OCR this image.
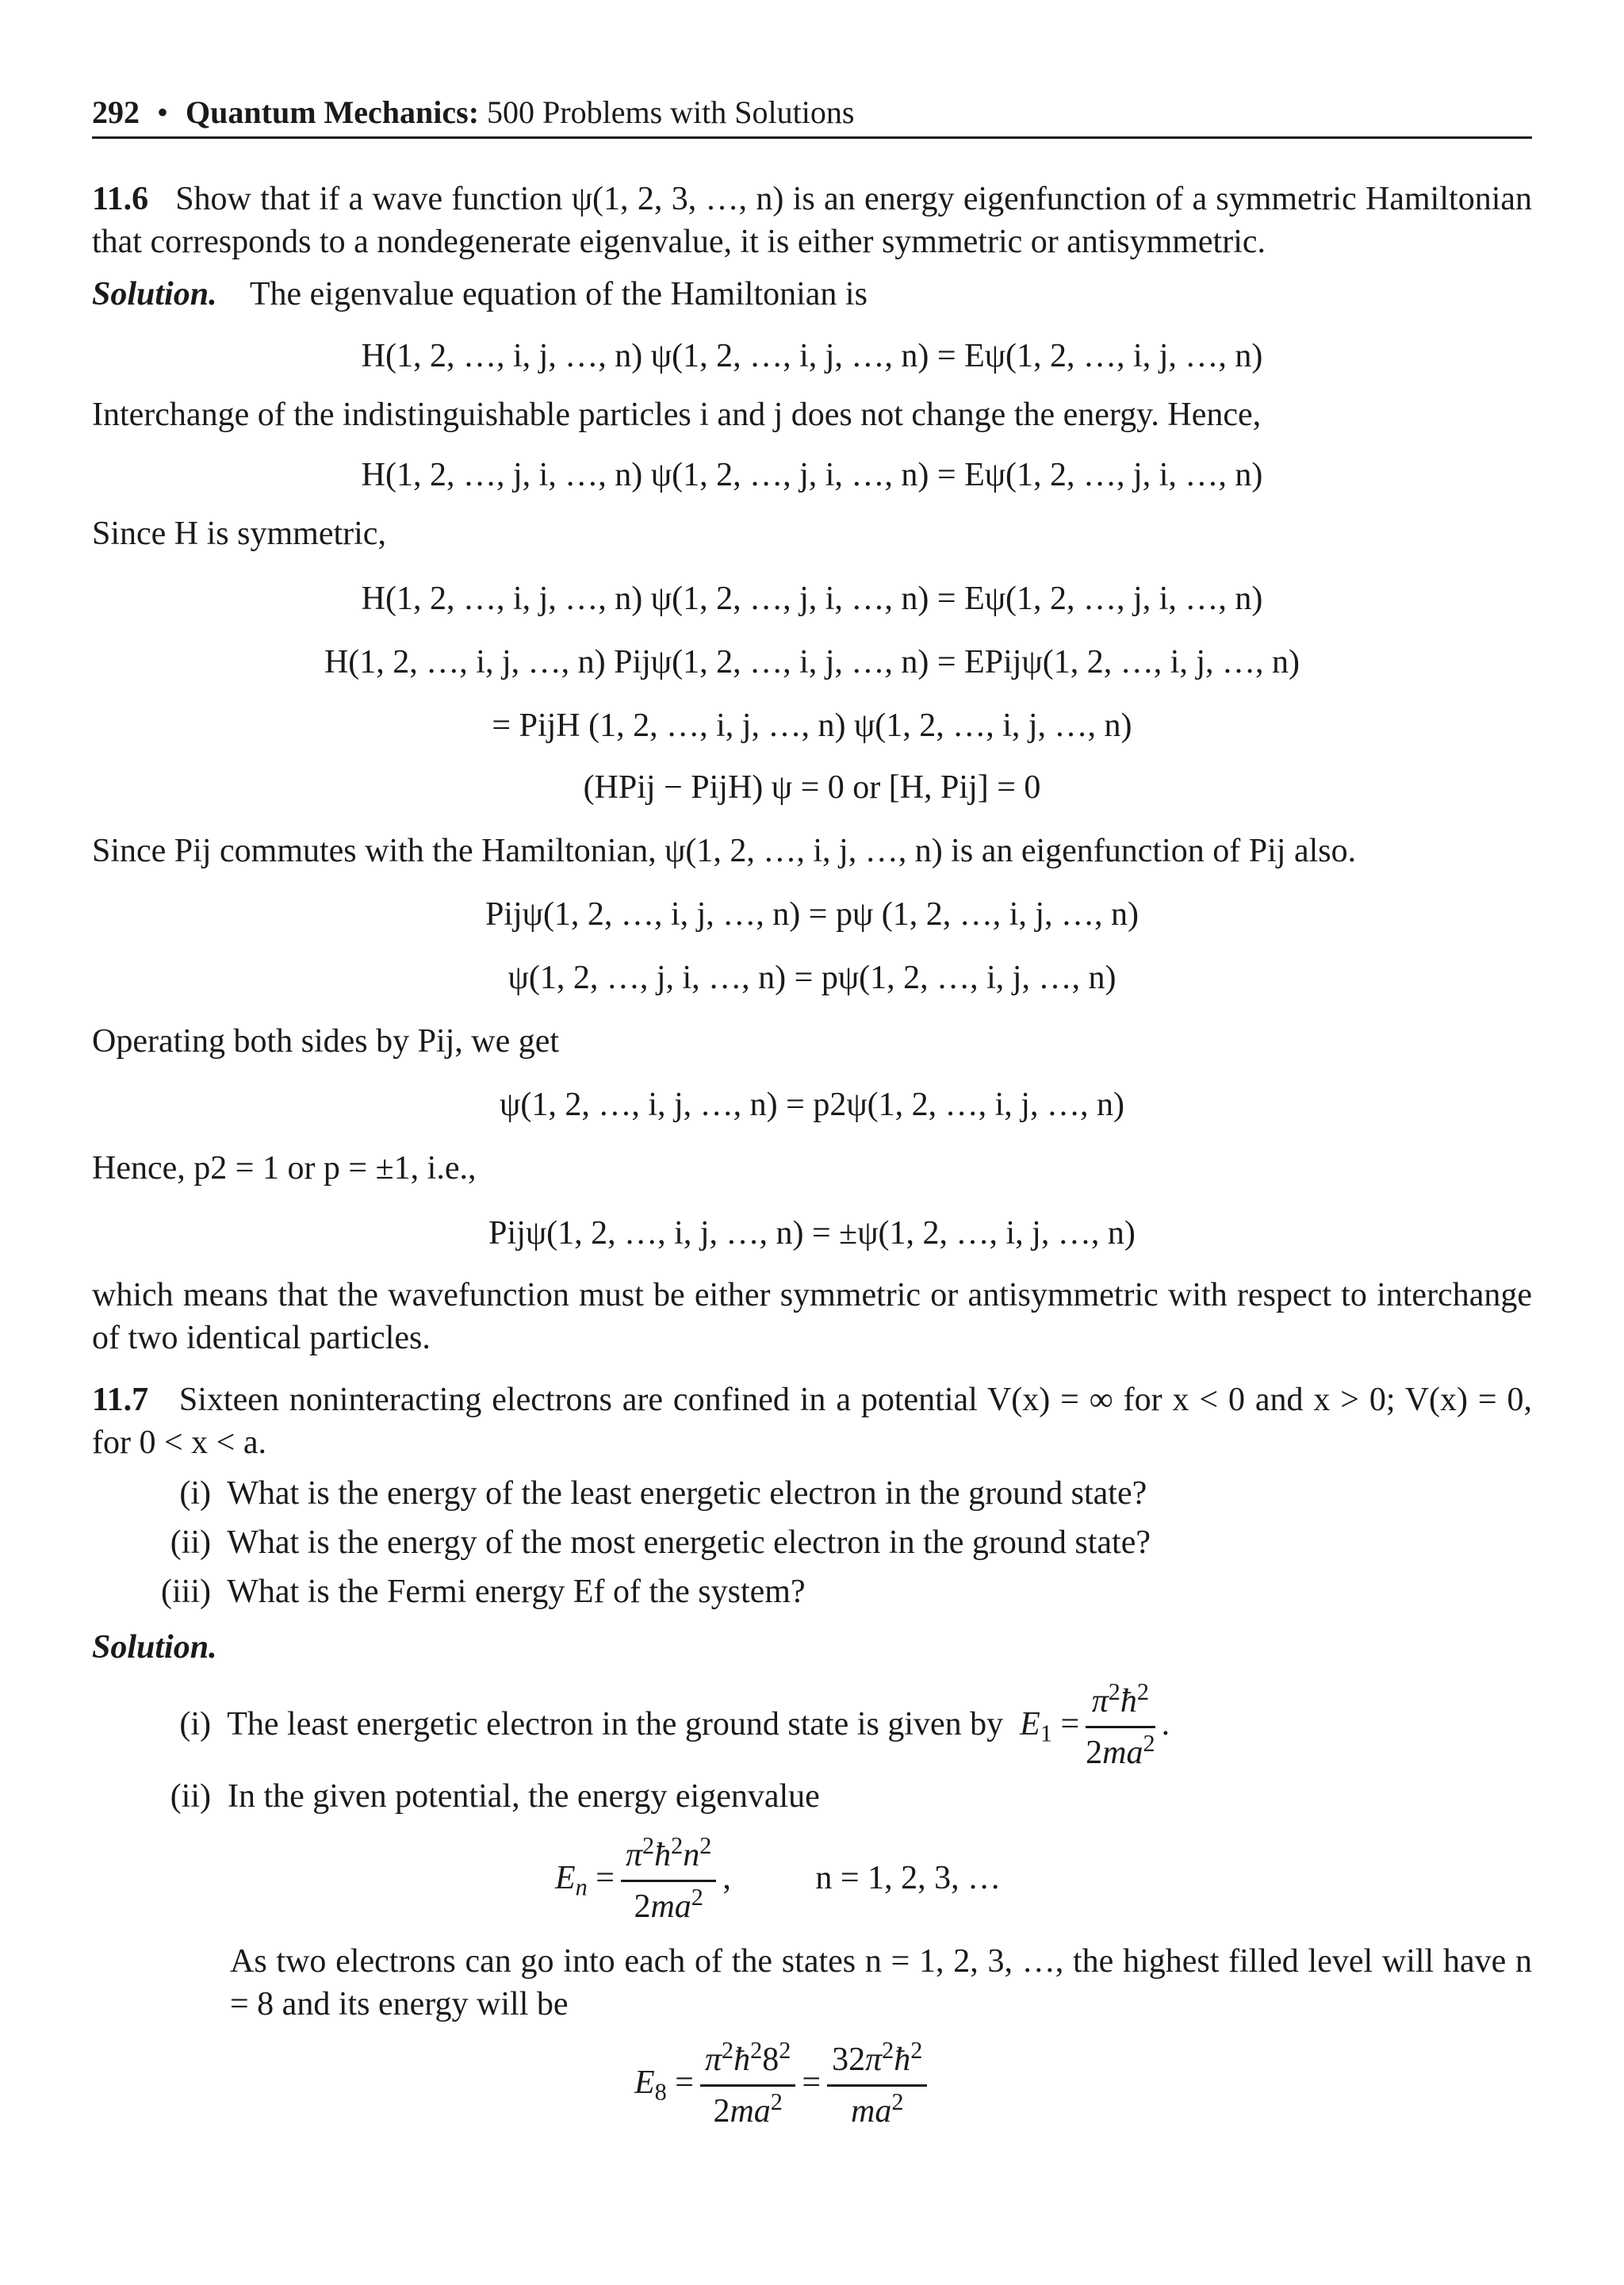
292 • Quantum Mechanics: 500 Problems with Solutions
11.6 Show that if a wave function ψ(1, 2, 3, …, n) is an energy eigenfunction of a symmetric Hamiltonian that corresponds to a nondegenerate eigenvalue, it is either symmetric or antisymmetric.
Solution. The eigenvalue equation of the Hamiltonian is
H(1, 2, …, i, j, …, n) ψ(1, 2, …, i, j, …, n) = Eψ(1, 2, …, i, j, …, n)
Interchange of the indistinguishable particles i and j does not change the energy. Hence,
H(1, 2, …, j, i, …, n) ψ(1, 2, …, j, i, …, n) = Eψ(1, 2, …, j, i, …, n)
Since H is symmetric,
H(1, 2, …, i, j, …, n) ψ(1, 2, …, j, i, …, n) = Eψ(1, 2, …, j, i, …, n)
H(1, 2, …, i, j, …, n) Pijψ(1, 2, …, i, j, …, n) = EPijψ(1, 2, …, i, j, …, n)
= PijH (1, 2, …, i, j, …, n) ψ(1, 2, …, i, j, …, n)
(HPij − PijH) ψ = 0 or [H, Pij] = 0
Since Pij commutes with the Hamiltonian, ψ(1, 2, …, i, j, …, n) is an eigenfunction of Pij also.
Pijψ(1, 2, …, i, j, …, n) = pψ (1, 2, …, i, j, …, n)
ψ(1, 2, …, j, i, …, n) = pψ(1, 2, …, i, j, …, n)
Operating both sides by Pij, we get
ψ(1, 2, …, i, j, …, n) = p2ψ(1, 2, …, i, j, …, n)
Hence, p2 = 1 or p = ±1, i.e.,
Pijψ(1, 2, …, i, j, …, n) = ±ψ(1, 2, …, i, j, …, n)
which means that the wavefunction must be either symmetric or antisymmetric with respect to interchange of two identical particles.
11.7 Sixteen noninteracting electrons are confined in a potential V(x) = ∞ for x < 0 and x > 0; V(x) = 0, for 0 < x < a.
(i) What is the energy of the least energetic electron in the ground state?
(ii) What is the energy of the most energetic electron in the ground state?
(iii) What is the Fermi energy Ef of the system?
Solution.
(i) The least energetic electron in the ground state is given by $E_1 = \frac{\pi^2ħ^2}{2ma^2}$ .
(ii) In the given potential, the energy eigenvalue
$E_n = \frac{\pi^2ħ^2n^2}{2ma^2}$ , n = 1, 2, 3, …
As two electrons can go into each of the states n = 1, 2, 3, …, the highest filled level will have n = 8 and its energy will be
$E_8 = \frac{\pi^2ħ^28^2}{2ma^2} = \frac{32\pi^2ħ^2}{ma^2}$
